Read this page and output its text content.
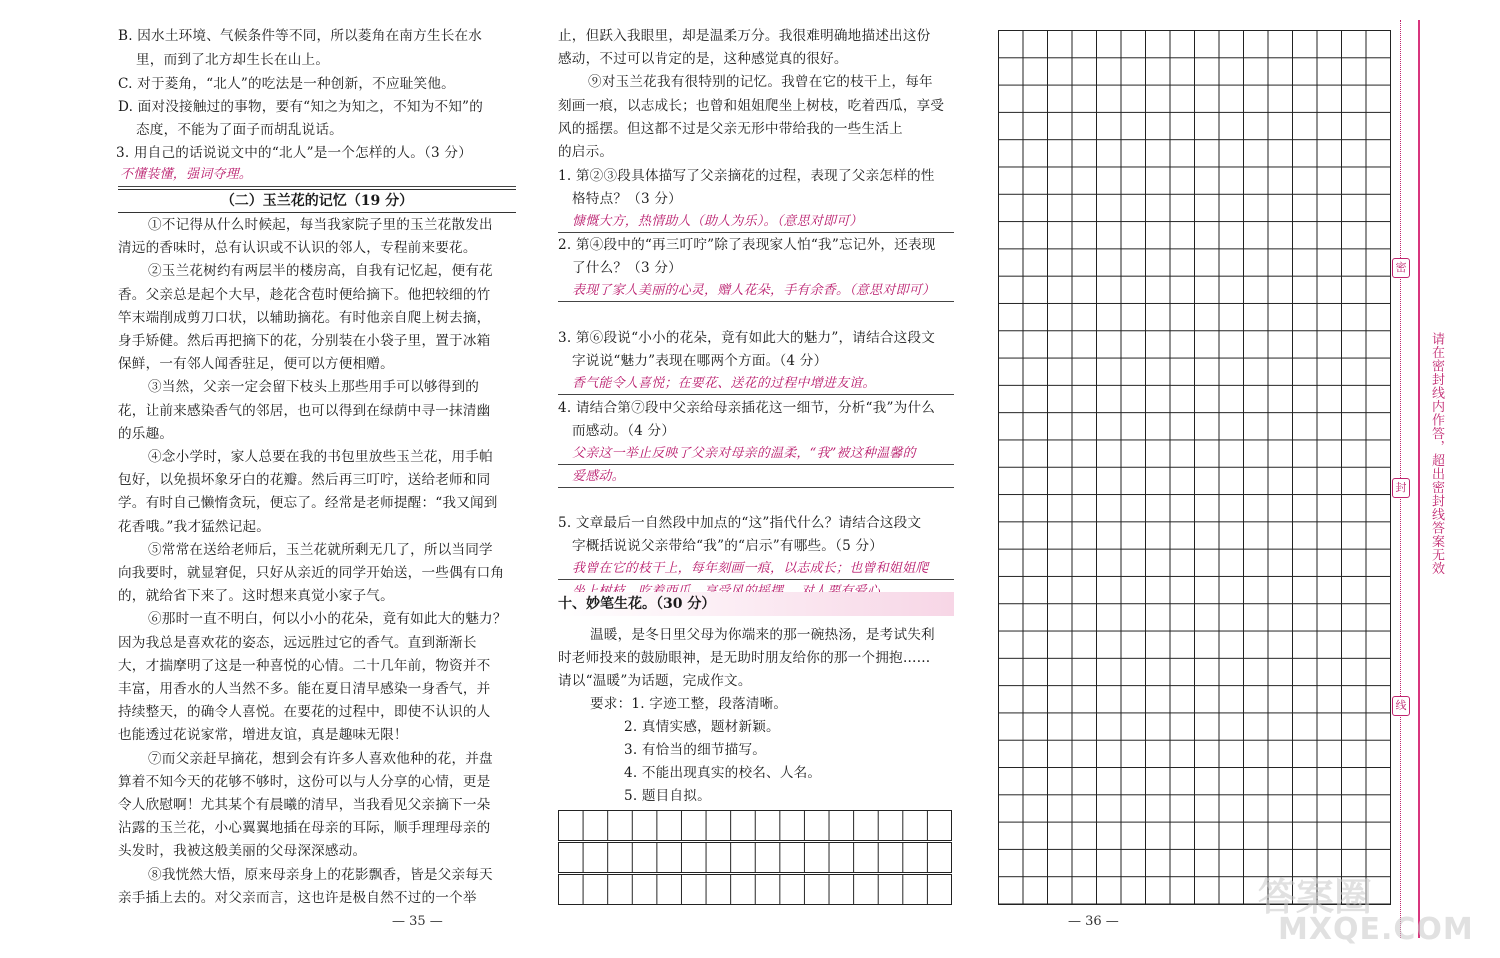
B. 因水土环境、气候条件等不同，所以菱角在南方生长在水
里，而到了北方却生长在山上。
C. 对于菱角，“北人”的吃法是一种创新，不应耻笑他。
D. 面对没接触过的事物，要有“知之为知之，不知为不知”的
态度，不能为了面子而胡乱说话。
3. 用自己的话说说文中的“北人”是一个怎样的人。（3 分）
不懂装懂，强词夺理。
（二）玉兰花的记忆（19 分）
①不记得从什么时候起，每当我家院子里的玉兰花散发出
清远的香味时，总有认识或不认识的邻人，专程前来要花。
②玉兰花树约有两层半的楼房高，自我有记忆起，便有花
香。父亲总是起个大早，趁花含苞时便给摘下。他把较细的竹
竿末端削成剪刀口状，以辅助摘花。有时他亲自爬上树去摘，
身手矫健。然后再把摘下的花，分别装在小袋子里，置于冰箱
保鲜，一有邻人闻香驻足，便可以方便相赠。
③当然，父亲一定会留下枝头上那些用手可以够得到的
花，让前来感染香气的邻居，也可以得到在绿荫中寻一抹清幽
的乐趣。
④念小学时，家人总要在我的书包里放些玉兰花，用手帕
包好，以免损坏象牙白的花瓣。然后再三叮咛，送给老师和同
学。有时自己懒惰贪玩，便忘了。经常是老师提醒：“我又闻到
花香哦。”我才猛然记起。
⑤常常在送给老师后，玉兰花就所剩无几了，所以当同学
向我要时，就显窘促，只好从亲近的同学开始送，一些偶有口角
的，就给省下来了。这时想来真觉小家子气。
⑥那时一直不明白，何以小小的花朵，竟有如此大的魅力？
因为我总是喜欢花的姿态，远远胜过它的香气。直到渐渐长
大，才揣摩明了这是一种喜悦的心情。二十几年前，物资并不
丰富，用香水的人当然不多。能在夏日清早感染一身香气，并
持续整天，的确令人喜悦。在要花的过程中，即使不认识的人
也能透过花说家常，增进友谊，真是趣味无限！
⑦而父亲赶早摘花，想到会有许多人喜欢他种的花，并盘
算着不知今天的花够不够时，这份可以与人分享的心情，更是
令人欣慰啊！尤其某个有晨曦的清早，当我看见父亲摘下一朵
沾露的玉兰花，小心翼翼地插在母亲的耳际，顺手理理母亲的
头发时，我被这般美丽的父母深深感动。
⑧我恍然大悟，原来母亲身上的花影飘香，皆是父亲每天
亲手插上去的。对父亲而言，这也许是极自然不过的一个举
— 35 —
止，但跃入我眼里，却是温柔万分。我很难明确地描述出这份
感动，不过可以肯定的是，这种感觉真的很好。
⑨对玉兰花我有很特别的记忆。我曾在它的枝干上，每年
刻画一痕，以志成长；也曾和姐姐爬坐上树枝，吃着西瓜，享受
风的摇摆。但这都不过是父亲无形中带给我的一些生活上
的启示。
1. 第②③段具体描写了父亲摘花的过程，表现了父亲怎样的性
格特点？（3 分）
慷慨大方，热情助人（助人为乐）。（意思对即可）
2. 第④段中的“再三叮咛”除了表现家人怕“我”忘记外，还表现
了什么？（3 分）
表现了家人美丽的心灵，赠人花朵，手有余香。（意思对即可）
3. 第⑥段说“小小的花朵，竟有如此大的魅力”，请结合这段文
字说说“魅力”表现在哪两个方面。（4 分）
香气能令人喜悦；在要花、送花的过程中增进友谊。
4. 请结合第⑦段中父亲给母亲插花这一细节，分析“我”为什么
而感动。（4 分）
父亲这一举止反映了父亲对母亲的温柔，“我”被这种温馨的
爱感动。
5. 文章最后一自然段中加点的“这”指代什么？请结合这段文
字概括说说父亲带给“我”的“启示”有哪些。（5 分）
我曾在它的枝干上，每年刻画一痕，以志成长；也曾和姐姐爬
十、妙笔生花。（30 分）
温暖，是冬日里父母为你端来的那一碗热汤，是考试失利
时老师投来的鼓励眼神，是无助时朋友给你的那一个拥抱……
请以“温暖”为话题，完成作文。
要求：1. 字迹工整，段落清晰。
2. 真情实感，题材新颖。
3. 有恰当的细节描写。
4. 不能出现真实的校名、人名。
5. 题目自拟。
— 36 —
密
封
线
请在密封线内作答，超出密封线答案无效
答案圈
MXQE.COM
